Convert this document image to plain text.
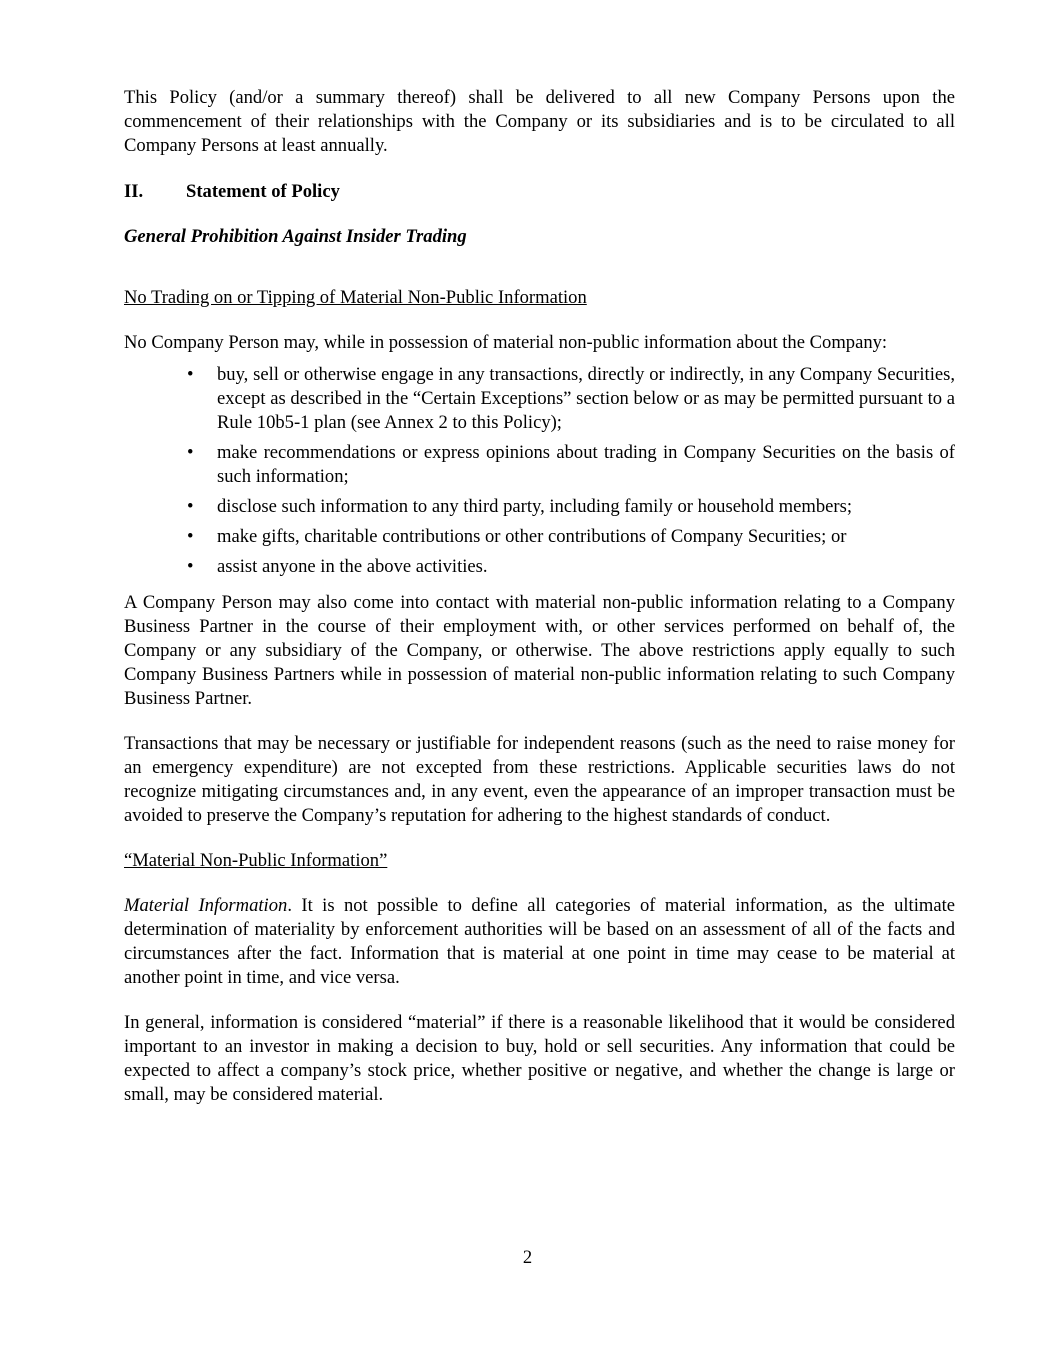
This Policy (and/or a summary thereof) shall be delivered to all new Company Persons upon the commencement of their relationships with the Company or its subsidiaries and is to be circulated to all Company Persons at least annually.

II.	Statement of Policy
General Prohibition Against Insider Trading
No Trading on or Tipping of Material Non-Public Information

No Company Person may, while in possession of material non-public information about the Company:

• buy, sell or otherwise engage in any transactions, directly or indirectly, in any Company Securities, except as described in the “Certain Exceptions” section below or as may be permitted pursuant to a Rule 10b5-1 plan (see Annex 2 to this Policy);
• make recommendations or express opinions about trading in Company Securities on the basis of such information;
• disclose such information to any third party, including family or household members;
• make gifts, charitable contributions or other contributions of Company Securities; or
• assist anyone in the above activities.

A Company Person may also come into contact with material non-public information relating to a Company Business Partner in the course of their employment with, or other services performed on behalf of, the Company or any subsidiary of the Company, or otherwise. The above restrictions apply equally to such Company Business Partners while in possession of material non-public information relating to such Company Business Partner.

Transactions that may be necessary or justifiable for independent reasons (such as the need to raise money for an emergency expenditure) are not excepted from these restrictions. Applicable securities laws do not recognize mitigating circumstances and, in any event, even the appearance of an improper transaction must be avoided to preserve the Company’s reputation for adhering to the highest standards of conduct.

“Material Non-Public Information”

Material Information. It is not possible to define all categories of material information, as the ultimate determination of materiality by enforcement authorities will be based on an assessment of all of the facts and circumstances after the fact. Information that is material at one point in time may cease to be material at another point in time, and vice versa.

In general, information is considered “material” if there is a reasonable likelihood that it would be considered important to an investor in making a decision to buy, hold or sell securities. Any information that could be expected to affect a company’s stock price, whether positive or negative, and whether the change is large or small, may be considered material.

2
